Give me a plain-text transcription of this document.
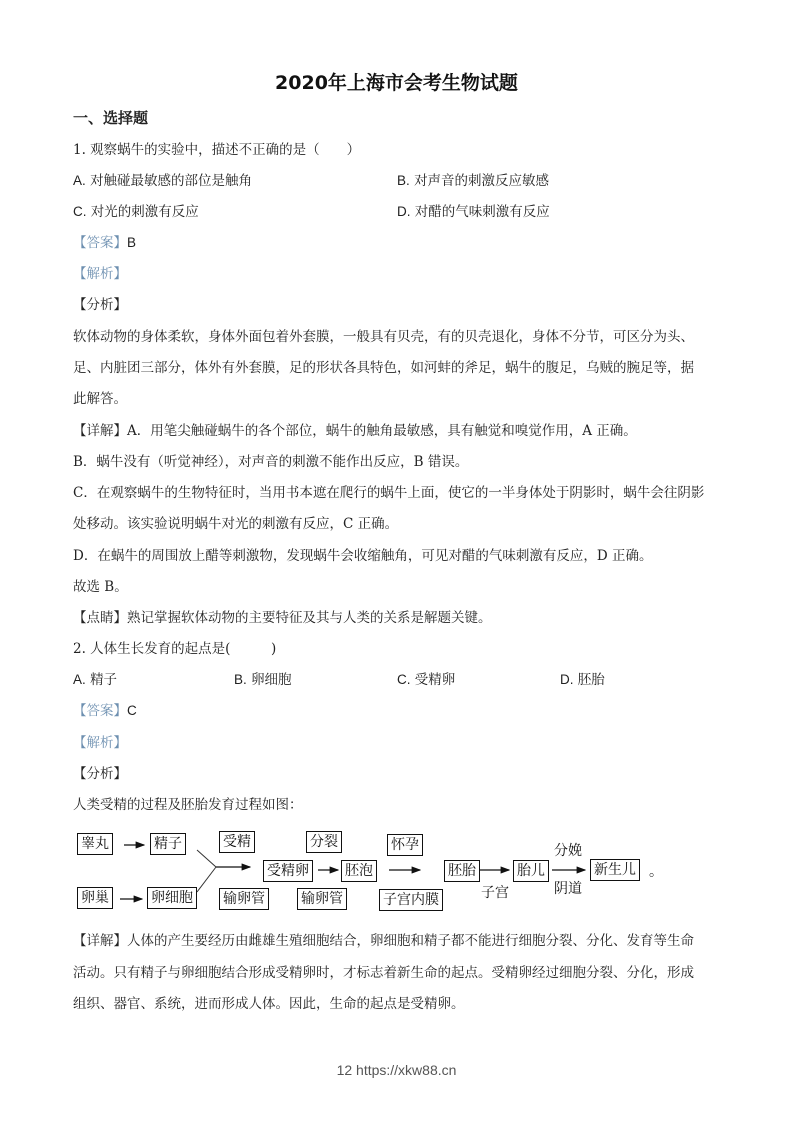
2020年上海市会考生物试题
一、选择题
1. 观察蜗牛的实验中，描述不正确的是（　　）
A. 对触碰最敏感的部位是触角	B. 对声音的刺激反应敏感
C. 对光的刺激有反应	D. 对醋的气味刺激有反应
【答案】B
【解析】
【分析】
软体动物的身体柔软，身体外面包着外套膜，一般具有贝壳，有的贝壳退化，身体不分节，可区分为头、
足、内脏团三部分，体外有外套膜，足的形状各具特色，如河蚌的斧足，蜗牛的腹足，乌贼的腕足等，据
此解答。
【详解】A．用笔尖触碰蜗牛的各个部位，蜗牛的触角最敏感，具有触觉和嗅觉作用，A 正确。
B．蜗牛没有（听觉神经），对声音的刺激不能作出反应，B 错误。
C．在观察蜗牛的生物特征时，当用书本遮在爬行的蜗牛上面，使它的一半身体处于阴影时，蜗牛会往阴影
处移动。该实验说明蜗牛对光的刺激有反应，C 正确。
D．在蜗牛的周围放上醋等刺激物，发现蜗牛会收缩触角，可见对醋的气味刺激有反应，D 正确。
故选 B。
【点睛】熟记掌握软体动物的主要特征及其与人类的关系是解题关键。
2. 人体生长发育的起点是(　　　)
A. 精子	B. 卵细胞	C. 受精卵	D. 胚胎
【答案】C
【解析】
【分析】
人类受精的过程及胚胎发育过程如图：
睾丸	精子
卵巢	卵细胞
受精
输卵管
受精卵
分裂
输卵管
胚泡
怀孕
子宫内膜
胚胎
子宫
胎儿
分娩
阴道
新生儿 。
【详解】人体的产生要经历由雌雄生殖细胞结合，卵细胞和精子都不能进行细胞分裂、分化、发育等生命
活动。只有精子与卵细胞结合形成受精卵时，才标志着新生命的起点。受精卵经过细胞分裂、分化，形成
组织、器官、系统，进而形成人体。因此，生命的起点是受精卵。
12 https://xkw88.cn
